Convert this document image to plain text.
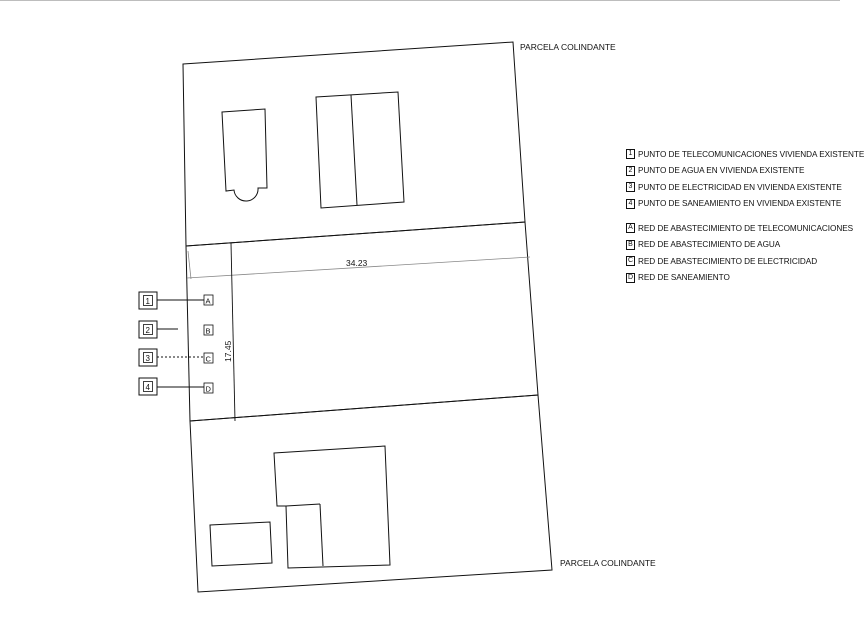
PARCELA COLINDANTE
34.23
17.45
PARCELA COLINDANTE
1	A
2	B
3	C
4	D
1 PUNTO DE TELECOMUNICACIONES VIVIENDA EXISTENTE
2 PUNTO DE AGUA EN VIVIENDA EXISTENTE
3 PUNTO DE ELECTRICIDAD EN VIVIENDA EXISTENTE
4 PUNTO DE SANEAMIENTO EN VIVIENDA EXISTENTE
A RED DE ABASTECIMIENTO DE TELECOMUNICACIONES
B RED DE ABASTECIMIENTO DE AGUA
C RED DE ABASTECIMIENTO DE ELECTRICIDAD
D RED DE SANEAMIENTO
